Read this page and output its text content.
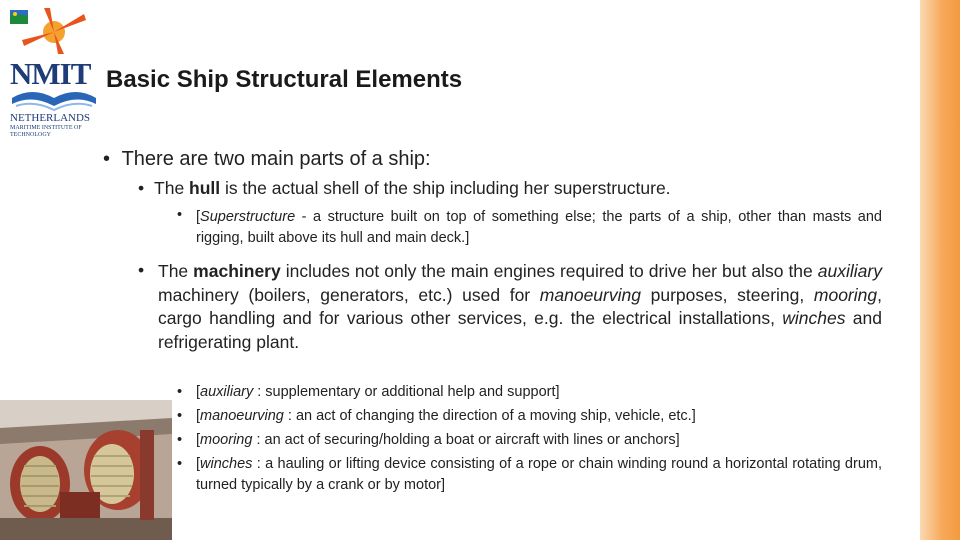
NMIT
NETHERLANDS
MARITIME INSTITUTE OF TECHNOLOGY
Basic Ship Structural Elements
• There are two main parts of a ship:
• The hull is the actual shell of the ship including her superstructure.
• [Superstructure - a structure built on top of something else; the parts of a ship, other than masts and rigging, built above its hull and main deck.]
• The machinery includes not only the main engines required to drive her but also the auxiliary machinery (boilers, generators, etc.) used for manoeurving purposes, steering, mooring, cargo handling and for various other services, e.g. the electrical installations, winches and refrigerating plant.
• [auxiliary : supplementary or additional help and support]
• [manoeurving : an act of changing the direction of a moving ship, vehicle, etc.]
• [mooring : an act of securing/holding a boat or aircraft with lines or anchors]
• [winches : a hauling or lifting device consisting of a rope or chain winding round a horizontal rotating drum, turned typically by a crank or by motor]
